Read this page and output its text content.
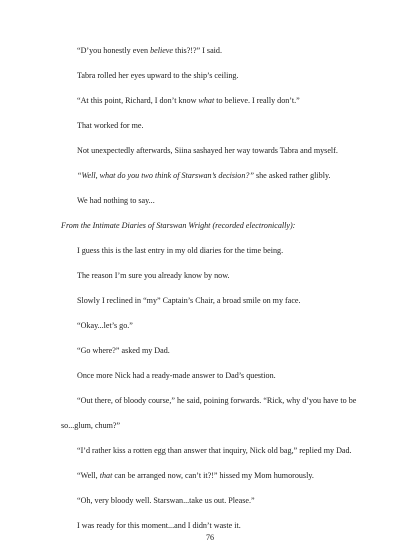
“D’you honestly even believe this?!?” I said.
Tabra rolled her eyes upward to the ship’s ceiling.
“At this point, Richard, I don’t know what to believe. I really don’t.”
That worked for me.
Not unexpectedly afterwards, Siina sashayed her way towards Tabra and myself.
“Well, what do you two think of Starswan’s decision?” she asked rather glibly.
We had nothing to say...
From the Intimate Diaries of Starswan Wright (recorded electronically):
I guess this is the last entry in my old diaries for the time being.
The reason I’m sure you already know by now.
Slowly I reclined in “my” Captain’s Chair, a broad smile on my face.
“Okay...let’s go.”
“Go where?” asked my Dad.
Once more Nick had a ready-made answer to Dad’s question.
“Out there, of bloody course,” he said, poining forwards. “Rick, why d’you have to be
so...glum, chum?”
“I’d rather kiss a rotten egg than answer that inquiry, Nick old bag,” replied my Dad.
“Well, that can be arranged now, can’t it?!” hissed my Mom humorously.
“Oh, very bloody well. Starswan...take us out. Please.”
I was ready for this moment...and I didn’t waste it.
76
